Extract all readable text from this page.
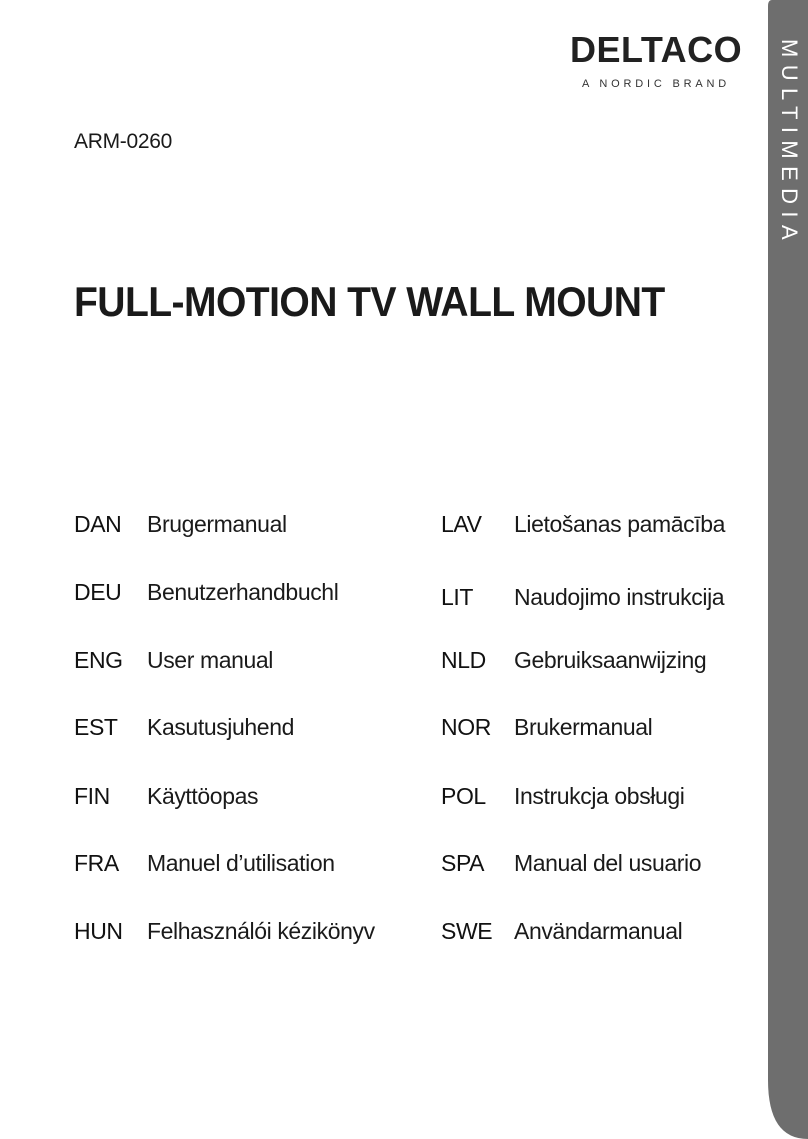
MULTIMEDIA
DELTACO
A NORDIC BRAND
ARM-0260
FULL-MOTION TV WALL MOUNT
DAN Brugermanual
DEU Benutzerhandbuchl
ENG User manual
EST Kasutusjuhend
FIN Käyttöopas
FRA Manuel d’utilisation
HUN Felhasználói kézikönyv
LAV Lietošanas pamācība
LIT Naudojimo instrukcija
NLD Gebruiksaanwijzing
NOR Brukermanual
POL Instrukcja obsługi
SPA Manual del usuario
SWE Användarmanual
